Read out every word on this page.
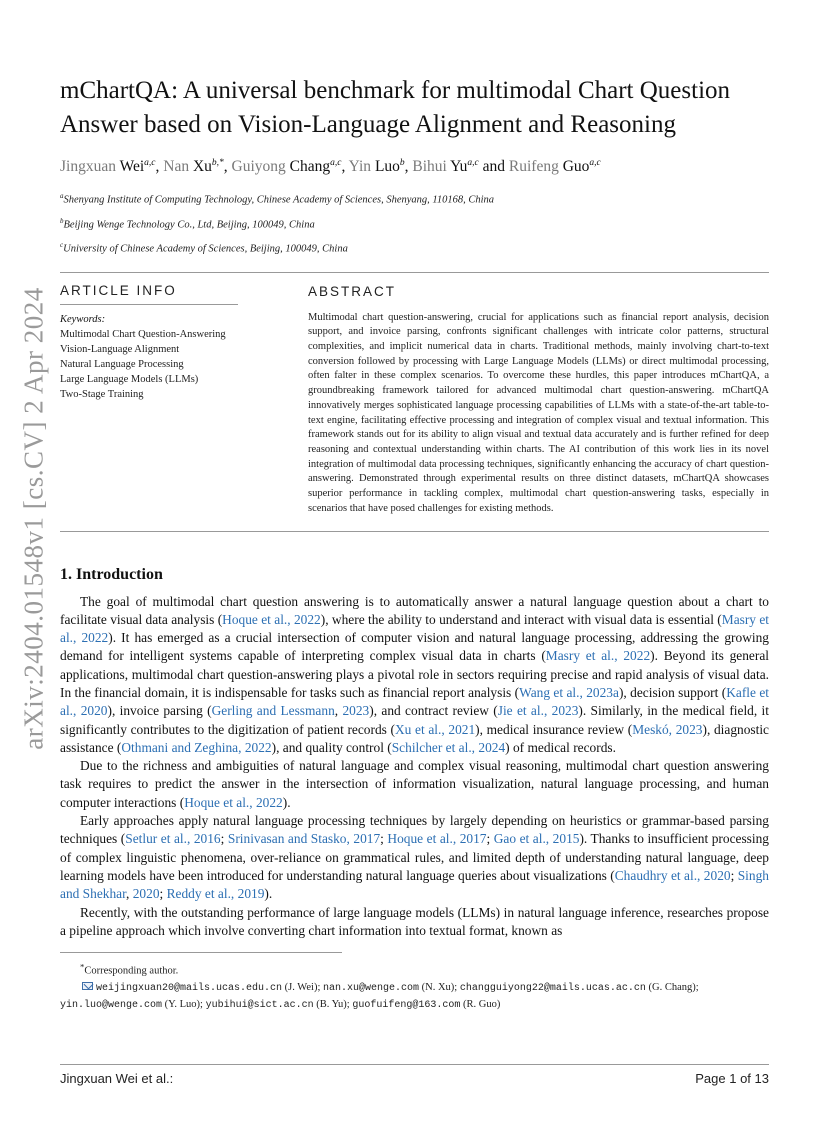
arXiv:2404.01548v1 [cs.CV] 2 Apr 2024
mChartQA: A universal benchmark for multimodal Chart Question Answer based on Vision-Language Alignment and Reasoning
Jingxuan Wei$^{a,c}$, Nan $Xu^{b,*}$, Guiyong Chang$^{a,c}$, Yin Luo$^b$, Bihui Yu$^{a,c}$ and Ruifeng Guo$^{a,c}$
$^a$Shenyang Institute of Computing Technology, Chinese Academy of Sciences, Shenyang, 110168, China
$^b$Beijing Wenge Technology Co., Ltd, Beijing, 100049, China
$^c$University of Chinese Academy of Sciences, Beijing, 100049, China
ARTICLE INFO
Keywords:
Multimodal Chart Question-Answering
Vision-Language Alignment
Natural Language Processing
Large Language Models (LLMs)
Two-Stage Training
ABSTRACT

Multimodal chart question-answering, crucial for applications such as financial report analysis, decision support, and invoice parsing, confronts significant challenges with intricate color patterns, structural complexities, and implicit numerical data in charts. Traditional methods, mainly involving chart-to-text conversion followed by processing with Large Language Models (LLMs) or direct multimodal processing, often falter in these complex scenarios. To overcome these hurdles, this paper introduces mChartQA, a groundbreaking framework tailored for advanced multimodal chart question-answering. mChartQA innovatively merges sophisticated language processing capabilities of LLMs with a state-of-the-art table-to-text engine, facilitating effective processing and integration of complex visual and textual information. This framework stands out for its ability to align visual and textual data accurately and is further refined for deep reasoning and contextual understanding within charts. The AI contribution of this work lies in its novel integration of multimodal data processing techniques, significantly enhancing the accuracy of chart question-answering. Demonstrated through experimental results on three distinct datasets, mChartQA showcases superior performance in tackling complex, multimodal chart question-answering tasks, especially in scenarios that have posed challenges for existing methods.

1. Introduction

The goal of multimodal chart question answering is to automatically answer a natural language question about a chart to facilitate visual data analysis (Hoque et al., 2022), where the ability to understand and interact with visual data is essential (Masry et al., 2022). It has emerged as a crucial intersection of computer vision and natural language processing, addressing the growing demand for intelligent systems capable of interpreting complex visual data in charts (Masry et al., 2022). Beyond its general applications, multimodal chart question-answering plays a pivotal role in sectors requiring precise and rapid analysis of visual data. In the financial domain, it is indispensable for tasks such as financial report analysis (Wang et al., 2023a), decision support (Kafle et al., 2020), invoice parsing (Gerling and Lessmann, 2023), and contract review (Jie et al., 2023). Similarly, in the medical field, it significantly contributes to the digitization of patient records (Xu et al., 2021), medical insurance review (Meskó, 2023), diagnostic assistance (Othmani and Zeghina, 2022), and quality control (Schilcher et al., 2024) of medical records.

Due to the richness and ambiguities of natural language and complex visual reasoning, multimodal chart question answering task requires to predict the answer in the intersection of information visualization, natural language processing, and human computer interactions (Hoque et al., 2022).

Early approaches apply natural language processing techniques by largely depending on heuristics or grammar-based parsing techniques (Setlur et al., 2016; Srinivasan and Stasko, 2017; Hoque et al., 2017; Gao et al., 2015). Thanks to insufficient processing of complex linguistic phenomena, over-reliance on grammatical rules, and limited depth of understanding natural language, deep learning models have been introduced for understanding natural language queries about visualizations (Chaudhry et al., 2020; Singh and Shekhar, 2020; Reddy et al., 2019).

Recently, with the outstanding performance of large language models (LLMs) in natural language inference, researches propose a pipeline approach which involve converting chart information into textual format, known as

*Corresponding author.
weijingxuan20@mails.ucas.edu.cn (J. Wei); nan.xu@wenge.com (N. Xu); changguiyong22@mails.ucas.ac.cn (G. Chang); yin.luo@wenge.com (Y. Luo); yubihui@sict.ac.cn (B. Yu); guofuifeng@163.com (R. Guo)
Jingxuan Wei et al.:	Page 1 of 13
